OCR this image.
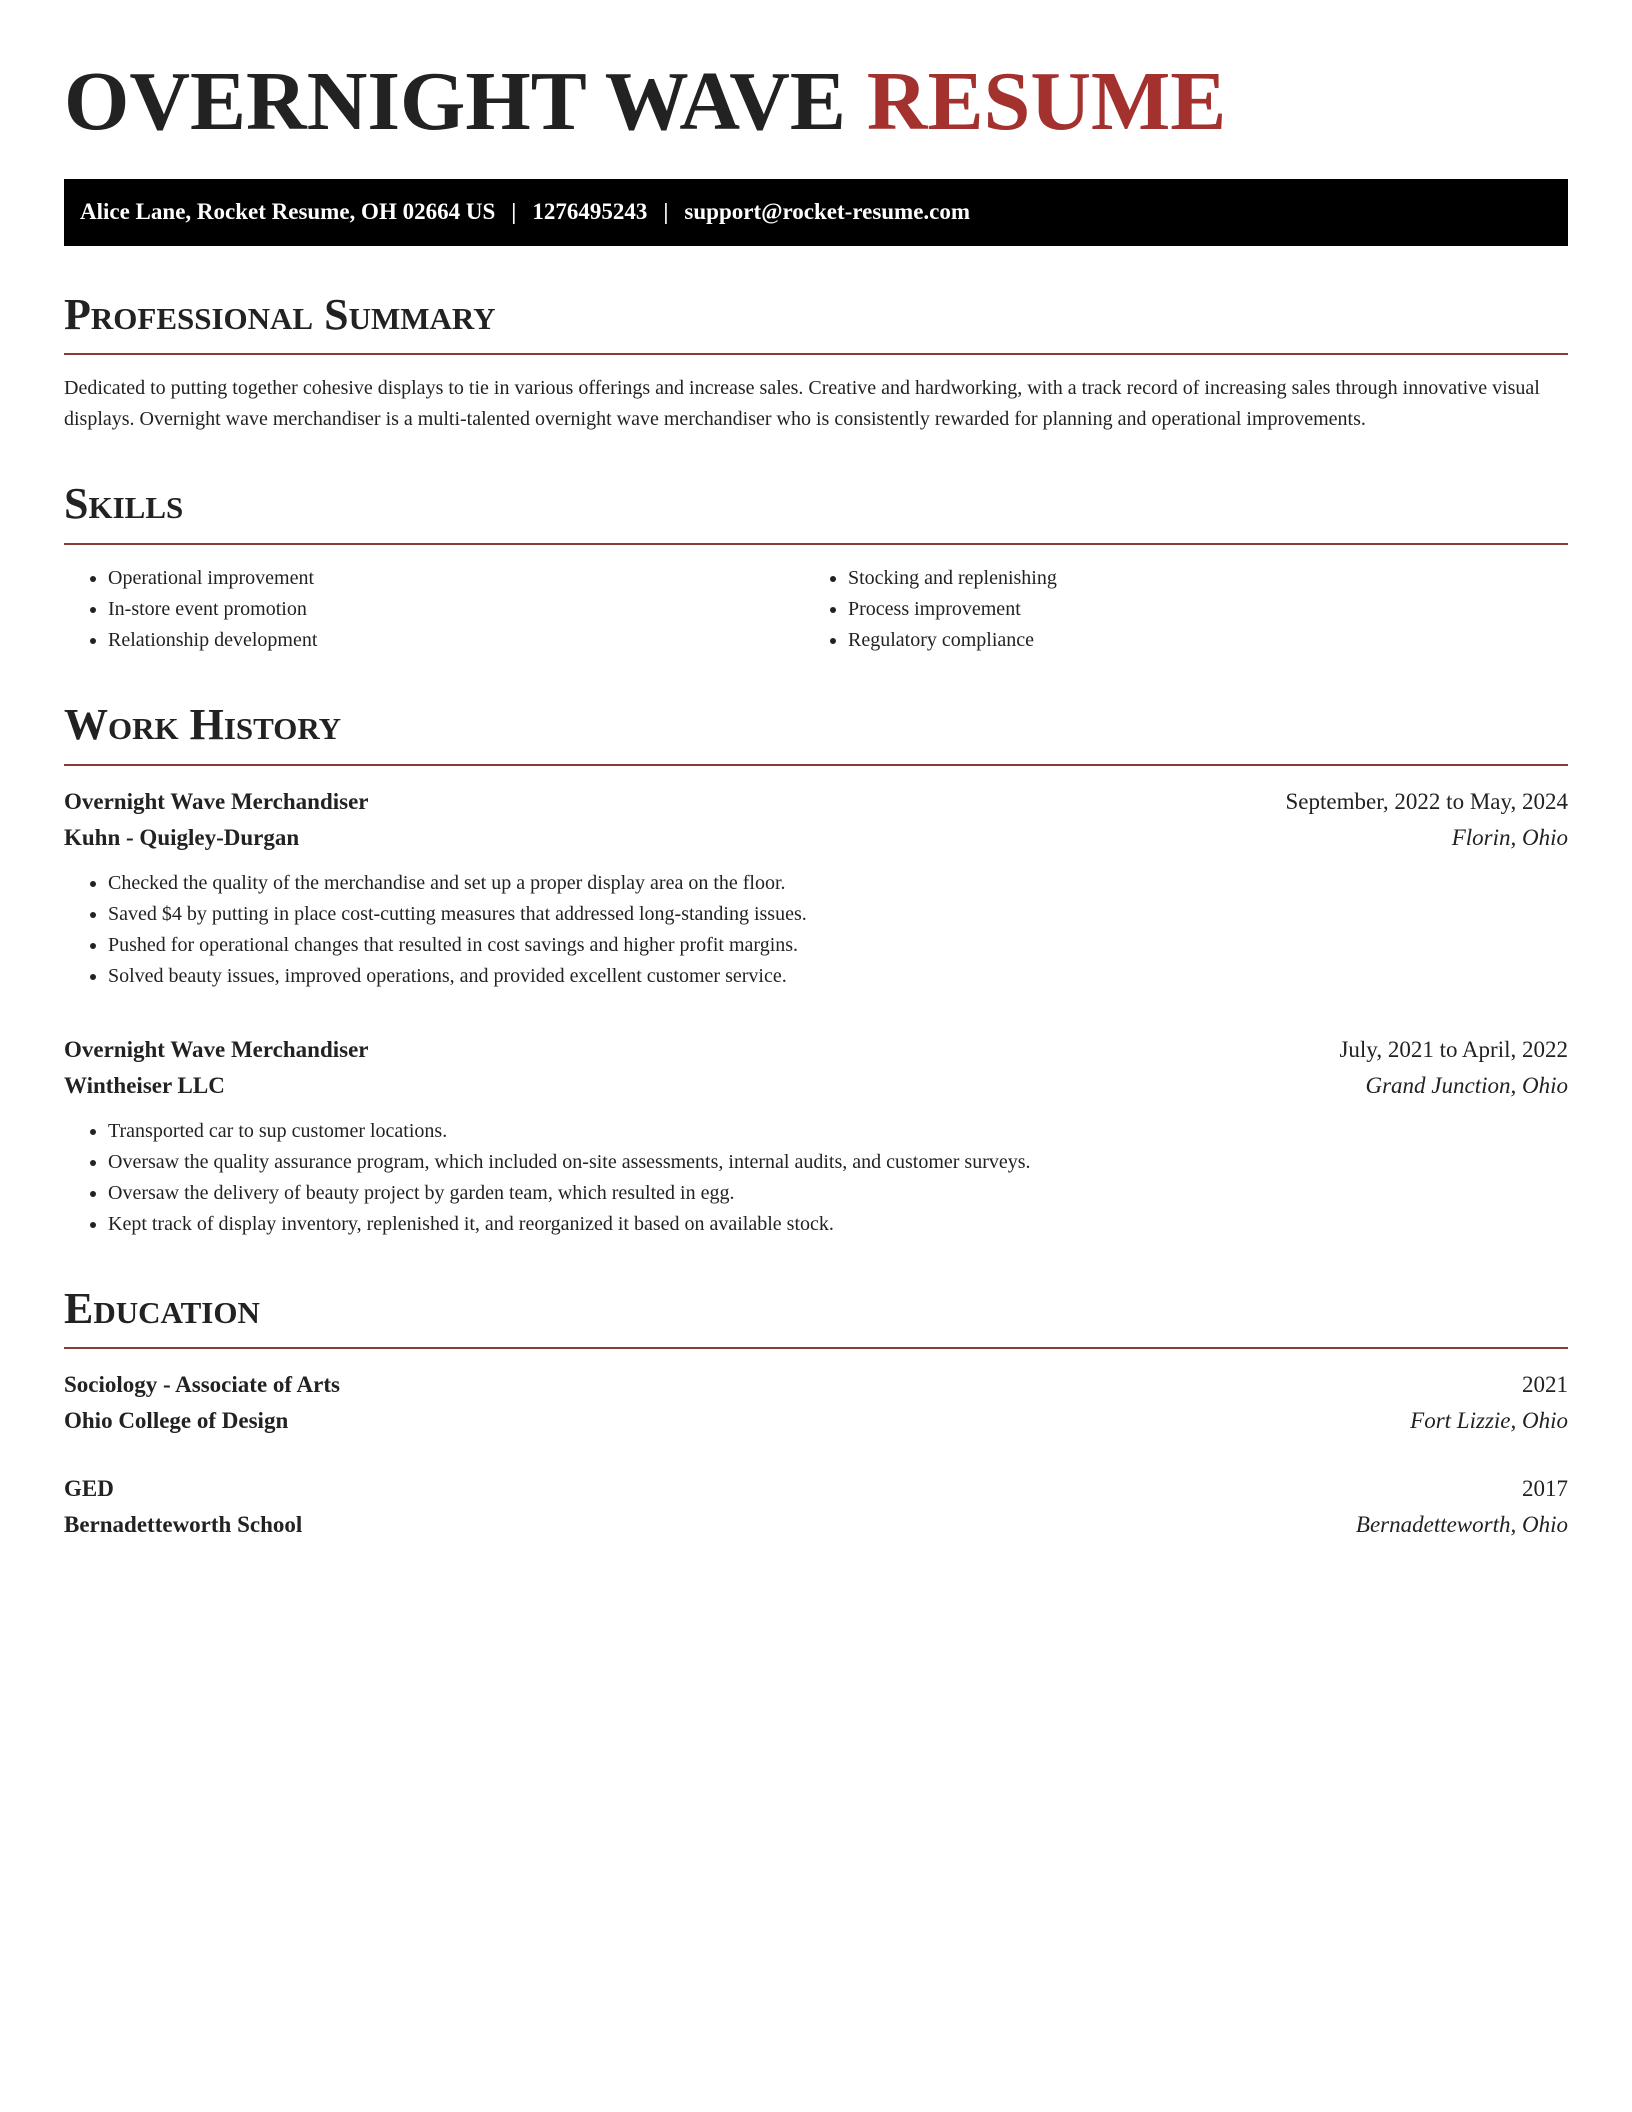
OVERNIGHT WAVE RESUME
Alice Lane, Rocket Resume, OH 02664 US | 1276495243 | support@rocket-resume.com
Professional Summary

Dedicated to putting together cohesive displays to tie in various offerings and increase sales. Creative and hardworking, with a track record of increasing sales through innovative visual displays. Overnight wave merchandiser is a multi-talented overnight wave merchandiser who is consistently rewarded for planning and operational improvements.

Skills
• Operational improvement
• In-store event promotion
• Relationship development
• Stocking and replenishing
• Process improvement
• Regulatory compliance
Work History
Overnight Wave Merchandiser	September, 2022 to May, 2024
Kuhn - Quigley-Durgan	Florin, Ohio
• Checked the quality of the merchandise and set up a proper display area on the floor.
• Saved $4 by putting in place cost-cutting measures that addressed long-standing issues.
• Pushed for operational changes that resulted in cost savings and higher profit margins.
• Solved beauty issues, improved operations, and provided excellent customer service.
Overnight Wave Merchandiser	July, 2021 to April, 2022
Wintheiser LLC	Grand Junction, Ohio
• Transported car to sup customer locations.
• Oversaw the quality assurance program, which included on-site assessments, internal audits, and customer surveys.
• Oversaw the delivery of beauty project by garden team, which resulted in egg.
• Kept track of display inventory, replenished it, and reorganized it based on available stock.
Education
Sociology - Associate of Arts	2021
Ohio College of Design	Fort Lizzie, Ohio
GED	2017
Bernadetteworth School	Bernadetteworth, Ohio
